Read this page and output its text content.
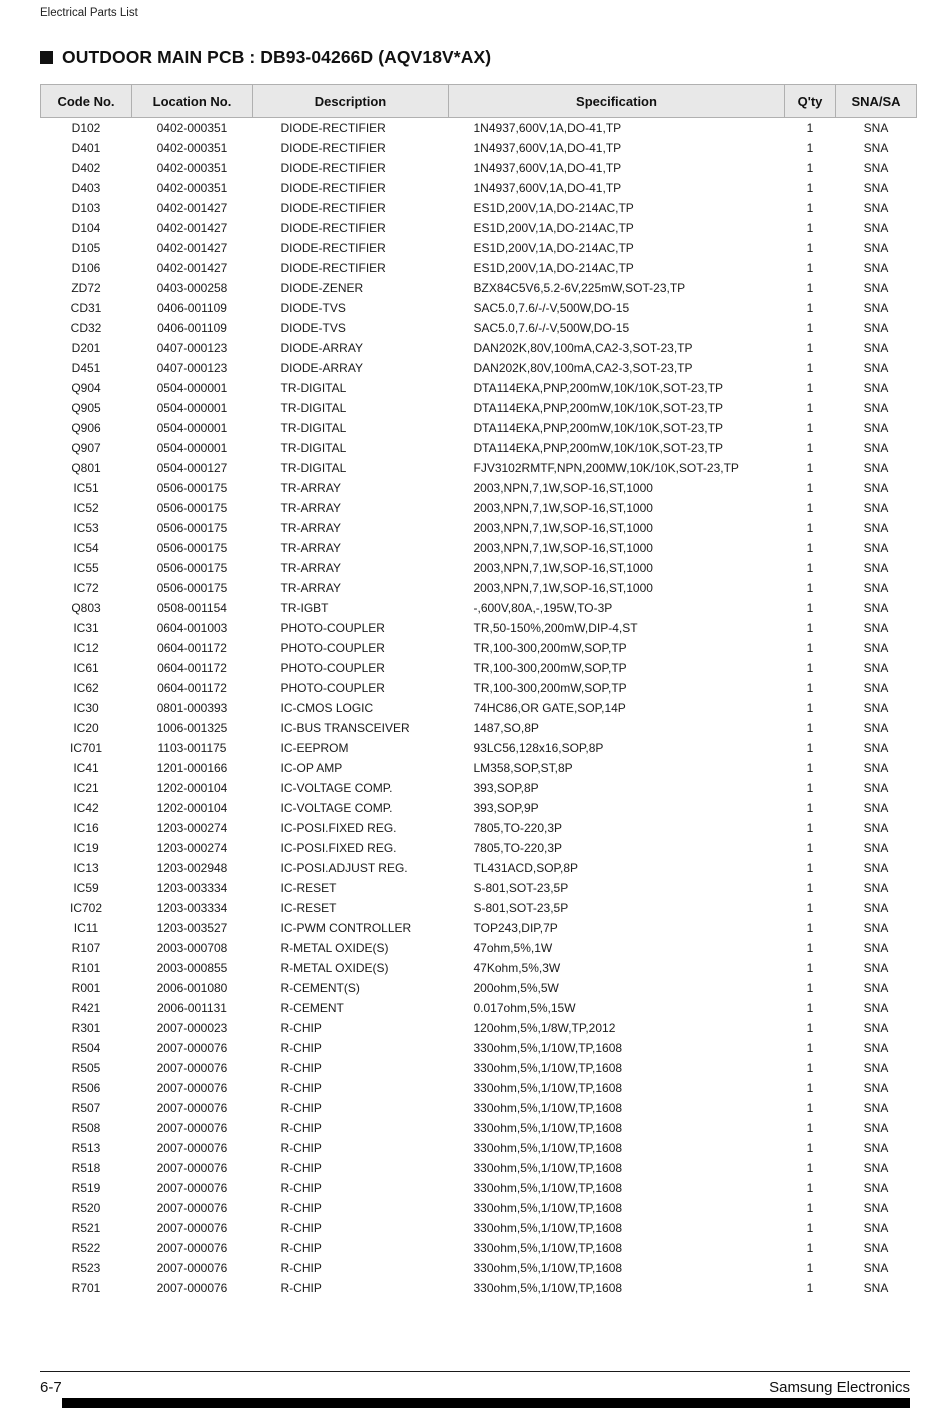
Electrical Parts List
OUTDOOR MAIN PCB : DB93-04266D (AQV18V*AX)
Code No.	Location No.	Description	Specification	Q'ty	SNA/SA
D102	0402-000351	DIODE-RECTIFIER	1N4937,600V,1A,DO-41,TP	1	SNA
D401	0402-000351	DIODE-RECTIFIER	1N4937,600V,1A,DO-41,TP	1	SNA
D402	0402-000351	DIODE-RECTIFIER	1N4937,600V,1A,DO-41,TP	1	SNA
D403	0402-000351	DIODE-RECTIFIER	1N4937,600V,1A,DO-41,TP	1	SNA
D103	0402-001427	DIODE-RECTIFIER	ES1D,200V,1A,DO-214AC,TP	1	SNA
D104	0402-001427	DIODE-RECTIFIER	ES1D,200V,1A,DO-214AC,TP	1	SNA
D105	0402-001427	DIODE-RECTIFIER	ES1D,200V,1A,DO-214AC,TP	1	SNA
D106	0402-001427	DIODE-RECTIFIER	ES1D,200V,1A,DO-214AC,TP	1	SNA
ZD72	0403-000258	DIODE-ZENER	BZX84C5V6,5.2-6V,225mW,SOT-23,TP	1	SNA
CD31	0406-001109	DIODE-TVS	SAC5.0,7.6/-/-V,500W,DO-15	1	SNA
CD32	0406-001109	DIODE-TVS	SAC5.0,7.6/-/-V,500W,DO-15	1	SNA
D201	0407-000123	DIODE-ARRAY	DAN202K,80V,100mA,CA2-3,SOT-23,TP	1	SNA
D451	0407-000123	DIODE-ARRAY	DAN202K,80V,100mA,CA2-3,SOT-23,TP	1	SNA
Q904	0504-000001	TR-DIGITAL	DTA114EKA,PNP,200mW,10K/10K,SOT-23,TP	1	SNA
Q905	0504-000001	TR-DIGITAL	DTA114EKA,PNP,200mW,10K/10K,SOT-23,TP	1	SNA
Q906	0504-000001	TR-DIGITAL	DTA114EKA,PNP,200mW,10K/10K,SOT-23,TP	1	SNA
Q907	0504-000001	TR-DIGITAL	DTA114EKA,PNP,200mW,10K/10K,SOT-23,TP	1	SNA
Q801	0504-000127	TR-DIGITAL	FJV3102RMTF,NPN,200MW,10K/10K,SOT-23,TP	1	SNA
IC51	0506-000175	TR-ARRAY	2003,NPN,7,1W,SOP-16,ST,1000	1	SNA
IC52	0506-000175	TR-ARRAY	2003,NPN,7,1W,SOP-16,ST,1000	1	SNA
IC53	0506-000175	TR-ARRAY	2003,NPN,7,1W,SOP-16,ST,1000	1	SNA
IC54	0506-000175	TR-ARRAY	2003,NPN,7,1W,SOP-16,ST,1000	1	SNA
IC55	0506-000175	TR-ARRAY	2003,NPN,7,1W,SOP-16,ST,1000	1	SNA
IC72	0506-000175	TR-ARRAY	2003,NPN,7,1W,SOP-16,ST,1000	1	SNA
Q803	0508-001154	TR-IGBT	-,600V,80A,-,195W,TO-3P	1	SNA
IC31	0604-001003	PHOTO-COUPLER	TR,50-150%,200mW,DIP-4,ST	1	SNA
IC12	0604-001172	PHOTO-COUPLER	TR,100-300,200mW,SOP,TP	1	SNA
IC61	0604-001172	PHOTO-COUPLER	TR,100-300,200mW,SOP,TP	1	SNA
IC62	0604-001172	PHOTO-COUPLER	TR,100-300,200mW,SOP,TP	1	SNA
IC30	0801-000393	IC-CMOS LOGIC	74HC86,OR GATE,SOP,14P	1	SNA
IC20	1006-001325	IC-BUS TRANSCEIVER	1487,SO,8P	1	SNA
IC701	1103-001175	IC-EEPROM	93LC56,128x16,SOP,8P	1	SNA
IC41	1201-000166	IC-OP AMP	LM358,SOP,ST,8P	1	SNA
IC21	1202-000104	IC-VOLTAGE COMP.	393,SOP,8P	1	SNA
IC42	1202-000104	IC-VOLTAGE COMP.	393,SOP,9P	1	SNA
IC16	1203-000274	IC-POSI.FIXED REG.	7805,TO-220,3P	1	SNA
IC19	1203-000274	IC-POSI.FIXED REG.	7805,TO-220,3P	1	SNA
IC13	1203-002948	IC-POSI.ADJUST REG.	TL431ACD,SOP,8P	1	SNA
IC59	1203-003334	IC-RESET	S-801,SOT-23,5P	1	SNA
IC702	1203-003334	IC-RESET	S-801,SOT-23,5P	1	SNA
IC11	1203-003527	IC-PWM CONTROLLER	TOP243,DIP,7P	1	SNA
R107	2003-000708	R-METAL OXIDE(S)	47ohm,5%,1W	1	SNA
R101	2003-000855	R-METAL OXIDE(S)	47Kohm,5%,3W	1	SNA
R001	2006-001080	R-CEMENT(S)	200ohm,5%,5W	1	SNA
R421	2006-001131	R-CEMENT	0.017ohm,5%,15W	1	SNA
R301	2007-000023	R-CHIP	120ohm,5%,1/8W,TP,2012	1	SNA
R504	2007-000076	R-CHIP	330ohm,5%,1/10W,TP,1608	1	SNA
R505	2007-000076	R-CHIP	330ohm,5%,1/10W,TP,1608	1	SNA
R506	2007-000076	R-CHIP	330ohm,5%,1/10W,TP,1608	1	SNA
R507	2007-000076	R-CHIP	330ohm,5%,1/10W,TP,1608	1	SNA
R508	2007-000076	R-CHIP	330ohm,5%,1/10W,TP,1608	1	SNA
R513	2007-000076	R-CHIP	330ohm,5%,1/10W,TP,1608	1	SNA
R518	2007-000076	R-CHIP	330ohm,5%,1/10W,TP,1608	1	SNA
R519	2007-000076	R-CHIP	330ohm,5%,1/10W,TP,1608	1	SNA
R520	2007-000076	R-CHIP	330ohm,5%,1/10W,TP,1608	1	SNA
R521	2007-000076	R-CHIP	330ohm,5%,1/10W,TP,1608	1	SNA
R522	2007-000076	R-CHIP	330ohm,5%,1/10W,TP,1608	1	SNA
R523	2007-000076	R-CHIP	330ohm,5%,1/10W,TP,1608	1	SNA
R701	2007-000076	R-CHIP	330ohm,5%,1/10W,TP,1608	1	SNA
6-7	Samsung Electronics
